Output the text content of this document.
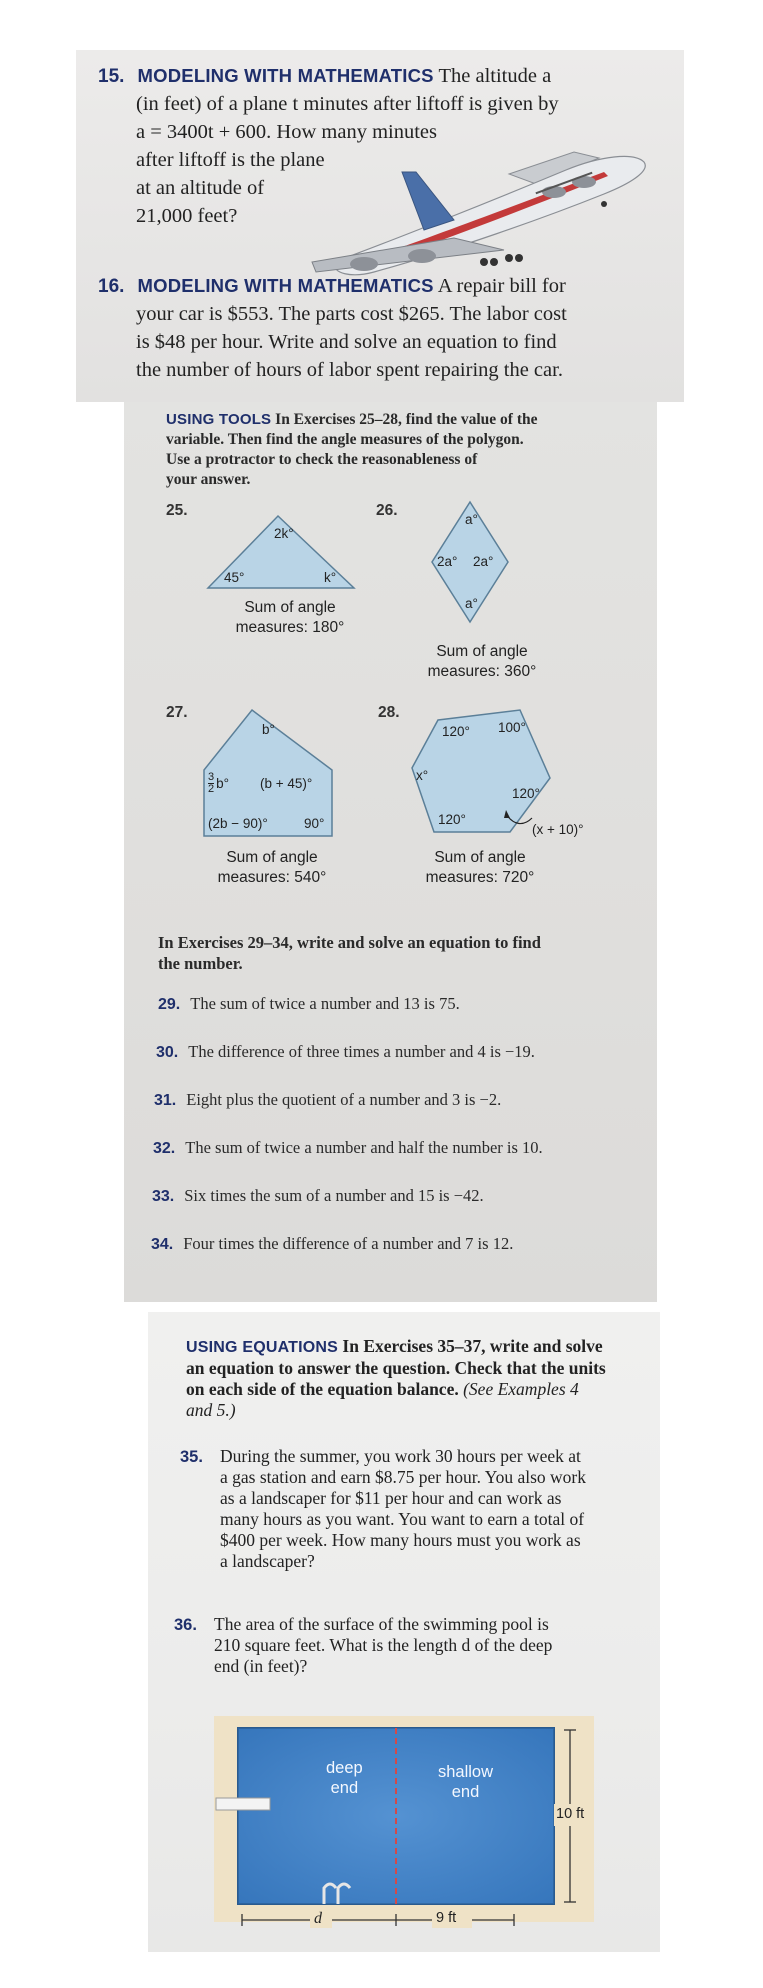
15. MODELING WITH MATHEMATICS The altitude a
(in feet) of a plane t minutes after liftoff is given by
a = 3400t + 600. How many minutes
after liftoff is the plane
at an altitude of
21,000 feet?
16. MODELING WITH MATHEMATICS A repair bill for
your car is $553. The parts cost $265. The labor cost
is $48 per hour. Write and solve an equation to find
the number of hours of labor spent repairing the car.
USING TOOLS In Exercises 25–28, find the value of the
variable. Then find the angle measures of the polygon.
Use a protractor to check the reasonableness of
your answer.
25.
2k°
45°	k°
Sum of angle
measures: 180°
26.
a°
2a° 2a°
a°
Sum of angle
measures: 360°
27.
b°
$\frac{3}{2} b^\circ$ (b + 45)°
(2b − 90)°	90°
Sum of angle
measures: 540°
28.
120° 100°
x°
120°
120°
(x + 10)°
Sum of angle
measures: 720°
In Exercises 29–34, write and solve an equation to find
the number.
29. The sum of twice a number and 13 is 75.
30. The difference of three times a number and 4 is −19.
31. Eight plus the quotient of a number and 3 is −2.
32. The sum of twice a number and half the number is 10.
33. Six times the sum of a number and 15 is −42.
34. Four times the difference of a number and 7 is 12.
USING EQUATIONS In Exercises 35–37, write and solve
an equation to answer the question. Check that the units
on each side of the equation balance. (See Examples 4
and 5.)
35. During the summer, you work 30 hours per week at
a gas station and earn $8.75 per hour. You also work
as a landscaper for $11 per hour and can work as
many hours as you want. You want to earn a total of
$400 per week. How many hours must you work as
a landscaper?
36. The area of the surface of the swimming pool is
210 square feet. What is the length d of the deep
end (in feet)?
deep
end
shallow
end
10 ft
d	9 ft
